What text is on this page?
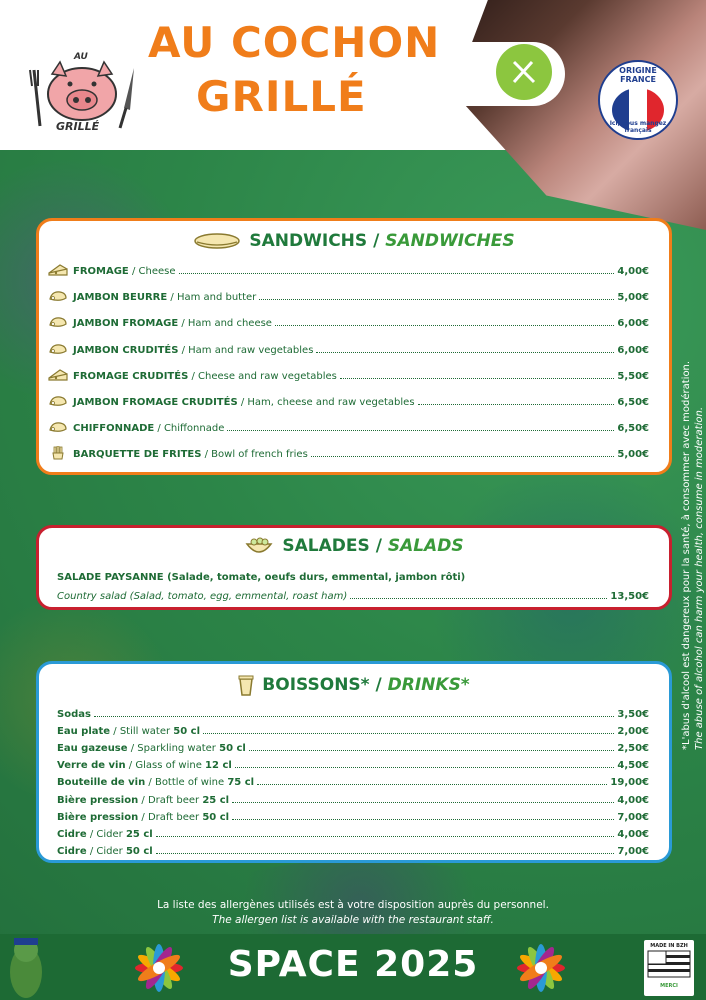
AU
GRILLÉ
AU COCHON
GRILLÉ
ORIGINE FRANCE
Ici, vous mangez français
SANDWICHS / SANDWICHES
FROMAGE / Cheese	4,00€
JAMBON BEURRE / Ham and butter	5,00€
JAMBON FROMAGE / Ham and cheese	6,00€
JAMBON CRUDITÉS / Ham and raw vegetables	6,00€
FROMAGE CRUDITÉS / Cheese and raw vegetables	5,50€
JAMBON FROMAGE CRUDITÉS / Ham, cheese and raw vegetables	6,50€
CHIFFONNADE / Chiffonnade	6,50€
BARQUETTE DE FRITES / Bowl of french fries	5,00€
SALADES / SALADS
SALADE PAYSANNE (Salade, tomate, oeufs durs, emmental, jambon rôti)
Country salad (Salad, tomato, egg, emmental, roast ham)	13,50€
BOISSONS* / DRINKS*
Sodas	3,50€
Eau plate / Still water 50 cl	2,00€
Eau gazeuse / Sparkling water 50 cl	2,50€
Verre de vin / Glass of wine 12 cl	4,50€
Bouteille de vin / Bottle of wine 75 cl	19,00€
Bière pression / Draft beer 25 cl	4,00€
Bière pression / Draft beer 50 cl	7,00€
Cidre / Cider 25 cl	4,00€
Cidre / Cider 50 cl	7,00€
La liste des allergènes utilisés est à votre disposition auprès du personnel.
The allergen list is available with the restaurant staff.
*L'abus d'alcool est dangereux pour la santé, à consommer avec modération. The abuse of alcohol can harm your health, consume in moderation.
SPACE 2025	MADE IN BZH
MERCI
